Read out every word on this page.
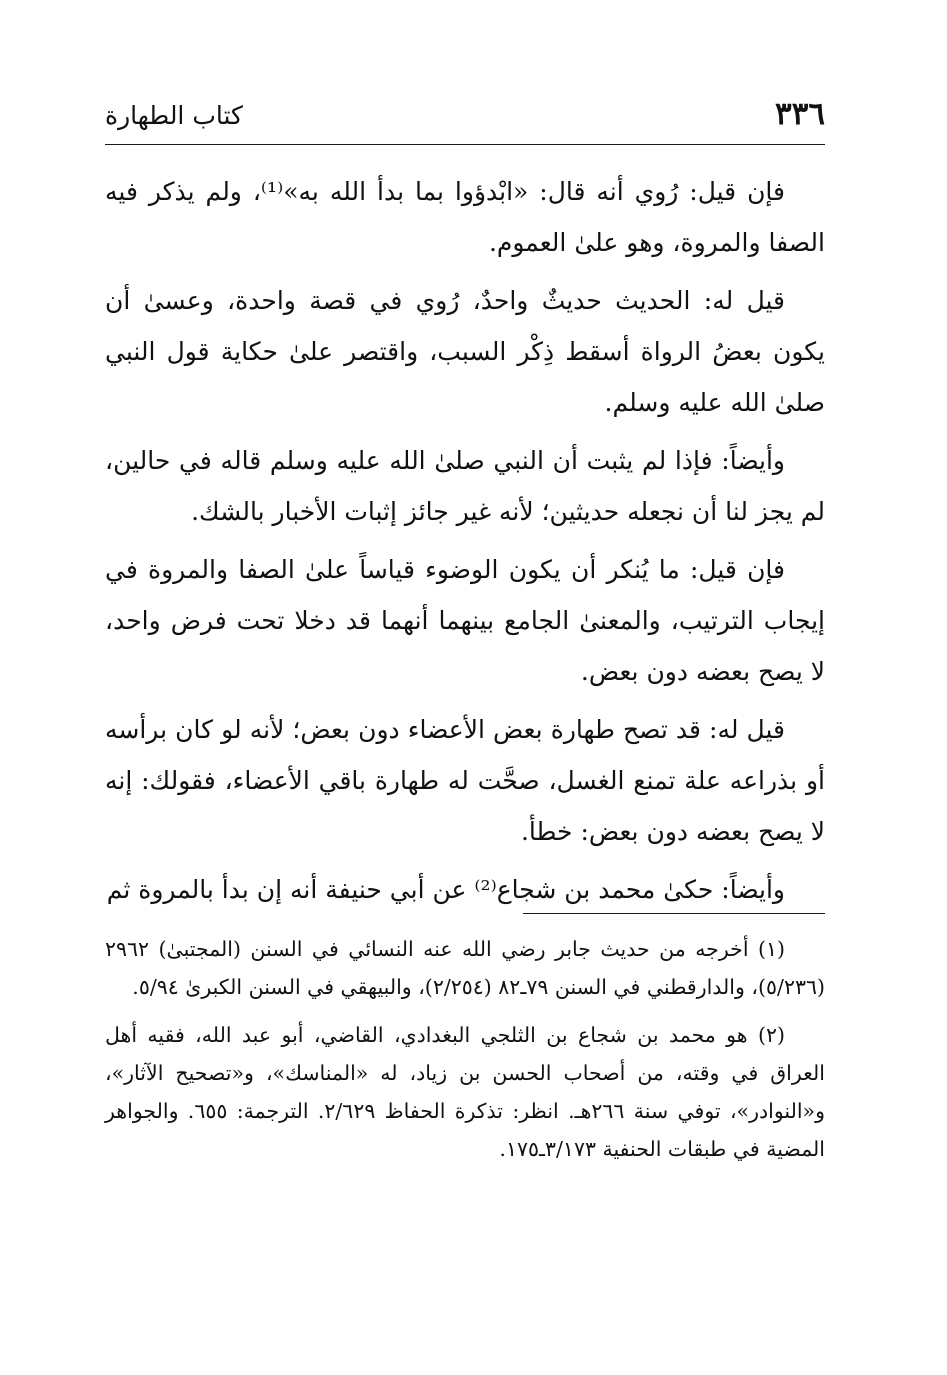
٣٣٦
كتاب الطهارة

فإن قيل: رُوي أنه قال: «ابْدؤوا بما بدأ الله به»⁽¹⁾، ولم يذكر فيه الصفا والمروة، وهو علىٰ العموم.

قيل له: الحديث حديثٌ واحدٌ، رُوي في قصة واحدة، وعسىٰ أن يكون بعضُ الرواة أسقط ذِكْر السبب، واقتصر علىٰ حكاية قول النبي صلىٰ الله عليه وسلم.

وأيضاً: فإذا لم يثبت أن النبي صلىٰ الله عليه وسلم قاله في حالين، لم يجز لنا أن نجعله حديثين؛ لأنه غير جائز إثبات الأخبار بالشك.

فإن قيل: ما يُنكر أن يكون الوضوء قياساً علىٰ الصفا والمروة في إيجاب الترتيب، والمعنىٰ الجامع بينهما أنهما قد دخلا تحت فرض واحد، لا يصح بعضه دون بعض.

قيل له: قد تصح طهارة بعض الأعضاء دون بعض؛ لأنه لو كان برأسه أو بذراعه علة تمنع الغسل، صحَّت له طهارة باقي الأعضاء، فقولك: إنه لا يصح بعضه دون بعض: خطأ.

وأيضاً: حكىٰ محمد بن شجاع⁽²⁾ عن أبي حنيفة أنه إن بدأ بالمروة ثم

(١) أخرجه من حديث جابر رضي الله عنه النسائي في السنن (المجتبىٰ) ٢٩٦٢ (٥/٢٣٦)، والدارقطني في السنن ٧٩ـ٨٢ (٢/٢٥٤)، والبيهقي في السنن الكبرىٰ ٥/٩٤.

(٢) هو محمد بن شجاع بن الثلجي البغدادي، القاضي، أبو عبد الله، فقيه أهل العراق في وقته، من أصحاب الحسن بن زياد، له «المناسك»، و«تصحيح الآثار»، و«النوادر»، توفي سنة ٢٦٦هـ. انظر: تذكرة الحفاظ ٢/٦٢٩. الترجمة: ٦٥٥. والجواهر المضية في طبقات الحنفية ٣/١٧٣ـ١٧٥.
